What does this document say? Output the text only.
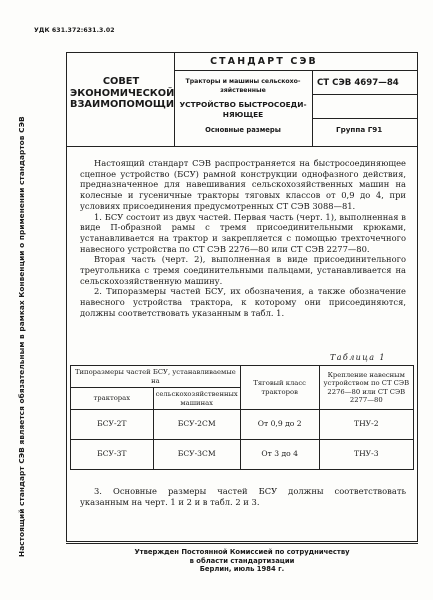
УДК 631.372:631.3.02
Настоящий стандарт СЭВ является обязательным в рамках Конвенции о применении стандартов СЭВ
СОВЕТ
ЭКОНОМИЧЕСКОЙ
ВЗАИМОПОМОЩИ
СТАНДАРТ СЭВ
Тракторы и машины сельскохо-
зяйственные
УСТРОЙСТВО БЫСТРОСОЕДИ-
НЯЮЩЕЕ
Основные размеры
СТ СЭВ 4697—84
Группа Г91

Настоящий стандарт СЭВ распространяется на быстросоединяющее сцепное устройство (БСУ) рамной конструкции однофазного действия, предназначенное для навешивания сельскохозяйственных машин на колесные и гусеничные тракторы тяговых классов от 0,9 до 4, при условиях присоединения предусмотренных СТ СЭВ 3088—81.

1. БСУ состоит из двух частей. Первая часть (черт. 1), выполненная в виде П-образной рамы с тремя присоединительными крюками, устанавливается на трактор и закрепляется с помощью трехточечного навесного устройства по СТ СЭВ 2276—80 или СТ СЭВ 2277—80.

Вторая часть (черт. 2), выполненная в виде присоединительного треугольника с тремя соединительными пальцами, устанавливается на сельскохозяйственную машину.

2. Типоразмеры частей БСУ, их обозначения, а также обозначение навесного устройства трактора, к которому они присоединяются, должны соответствовать указанным в табл. 1.

Таблица 1
Типоразмеры частей БСУ, устанавливаемые на		Тяговый класс тракторов	Крепление навесным устройством по СТ СЭВ 2276—80 или СТ СЭВ 2277—80
тракторах	сельскохозяйственных машинах		
БСУ-2Т	БСУ-2СМ	От 0,9 до 2	ТНУ-2
БСУ-3Т	БСУ-3СМ	От 3 до 4	ТНУ-3

3. Основные размеры частей БСУ должны соответствовать указанным на черт. 1 и 2 и в табл. 2 и 3.

Утвержден Постоянной Комиссией по сотрудничеству
в области стандартизации
Берлин, июль 1984 г.
